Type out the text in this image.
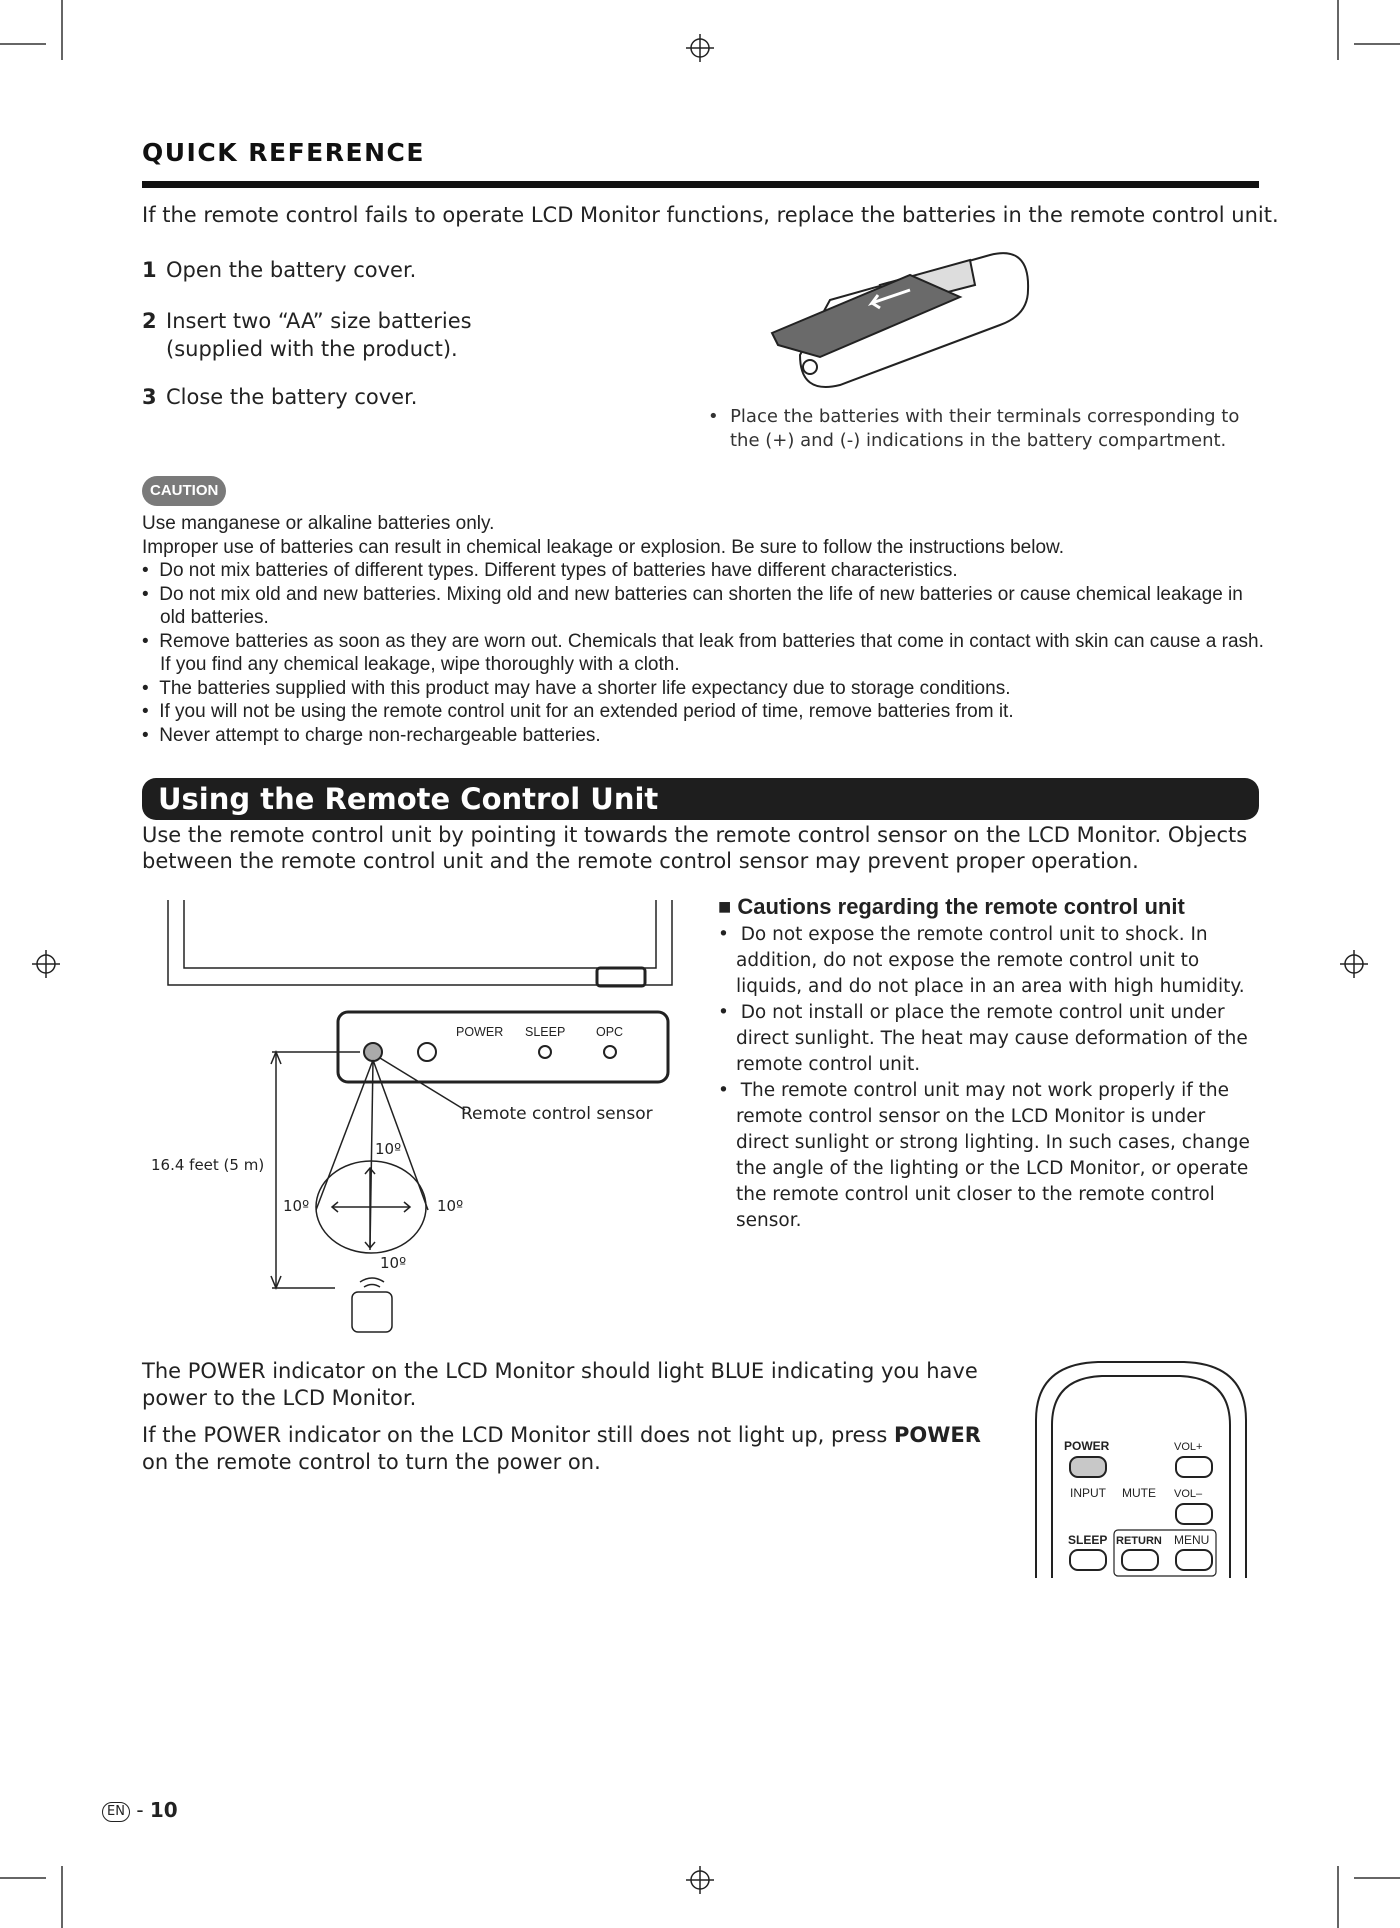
QUICK REFERENCE
If the remote control fails to operate LCD Monitor functions, replace the batteries in the remote control unit.
1 Open the battery cover.
2 Insert two “AA” size batteries
(supplied with the product).
3 Close the battery cover.
• Place the batteries with their terminals corresponding to the (+) and (-) indications in the battery compartment.
CAUTION
Use manganese or alkaline batteries only.
Improper use of batteries can result in chemical leakage or explosion. Be sure to follow the instructions below.
•  Do not mix batteries of different types. Different types of batteries have different characteristics.
•  Do not mix old and new batteries. Mixing old and new batteries can shorten the life of new batteries or cause chemical leakage in old batteries.
•  Remove batteries as soon as they are worn out. Chemicals that leak from batteries that come in contact with skin can cause a rash. If you find any chemical leakage, wipe thoroughly with a cloth.
•  The batteries supplied with this product may have a shorter life expectancy due to storage conditions.
•  If you will not be using the remote control unit for an extended period of time, remove batteries from it.
•  Never attempt to charge non-rechargeable batteries.
Using the Remote Control Unit
Use the remote control unit by pointing it towards the remote control sensor on the LCD Monitor. Objects between the remote control unit and the remote control sensor may prevent proper operation.
POWER SLEEP OPC
Remote control sensor
16.4 feet (5 m)
10º
10º	10º
10º
■ Cautions regarding the remote control unit
•  Do not expose the remote control unit to shock. In addition, do not expose the remote control unit to liquids, and do not place in an area with high humidity.
•  Do not install or place the remote control unit under direct sunlight. The heat may cause deformation of the remote control unit.
•  The remote control unit may not work properly if the remote control sensor on the LCD Monitor is under direct sunlight or strong lighting. In such cases, change the angle of the lighting or the LCD Monitor, or operate the remote control unit closer to the remote control sensor.
The POWER indicator on the LCD Monitor should light BLUE indicating you have power to the LCD Monitor.
If the POWER indicator on the LCD Monitor still does not light up, press POWER on the remote control to turn the power on.
POWER	VOL+
INPUT MUTE VOL–
SLEEP RETURN MENU
EN - 10
